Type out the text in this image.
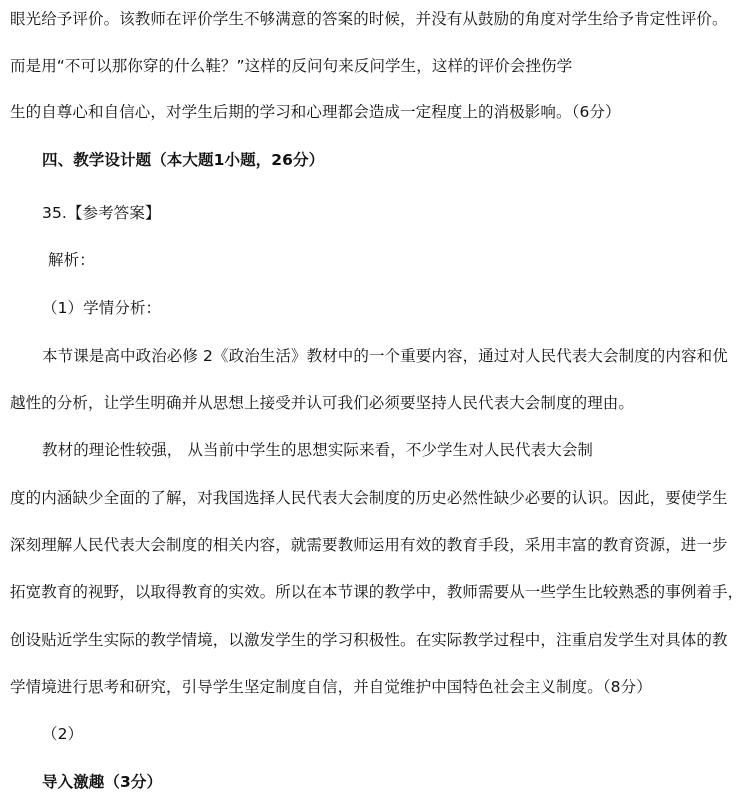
眼光给予评价。该教师在评价学生不够满意的答案的时候，并没有从鼓励的角度对学生给予肯定性评价。
而是用“不可以那你穿的什么鞋？”这样的反问句来反问学生，这样的评价会挫伤学
生的自尊心和自信心，对学生后期的学习和心理都会造成一定程度上的消极影响。（6分）
四、教学设计题（本大题1小题，26分）
35.【参考答案】
解析：
（1）学情分析：
本节课是高中政治必修 2《政治生活》教材中的一个重要内容，通过对人民代表大会制度的内容和优
越性的分析，让学生明确并从思想上接受并认可我们必须要坚持人民代表大会制度的理由。
教材的理论性较强， 从当前中学生的思想实际来看，不少学生对人民代表大会制
度的内涵缺少全面的了解，对我国选择人民代表大会制度的历史必然性缺少必要的认识。因此，要使学生
深刻理解人民代表大会制度的相关内容，就需要教师运用有效的教育手段，采用丰富的教育资源，进一步
拓宽教育的视野，以取得教育的实效。所以在本节课的教学中，教师需要从一些学生比较熟悉的事例着手，
创设贴近学生实际的教学情境，以激发学生的学习积极性。在实际教学过程中，注重启发学生对具体的教
学情境进行思考和研究，引导学生坚定制度自信，并自觉维护中国特色社会主义制度。（8分）
（2）
导入激趣（3分）
